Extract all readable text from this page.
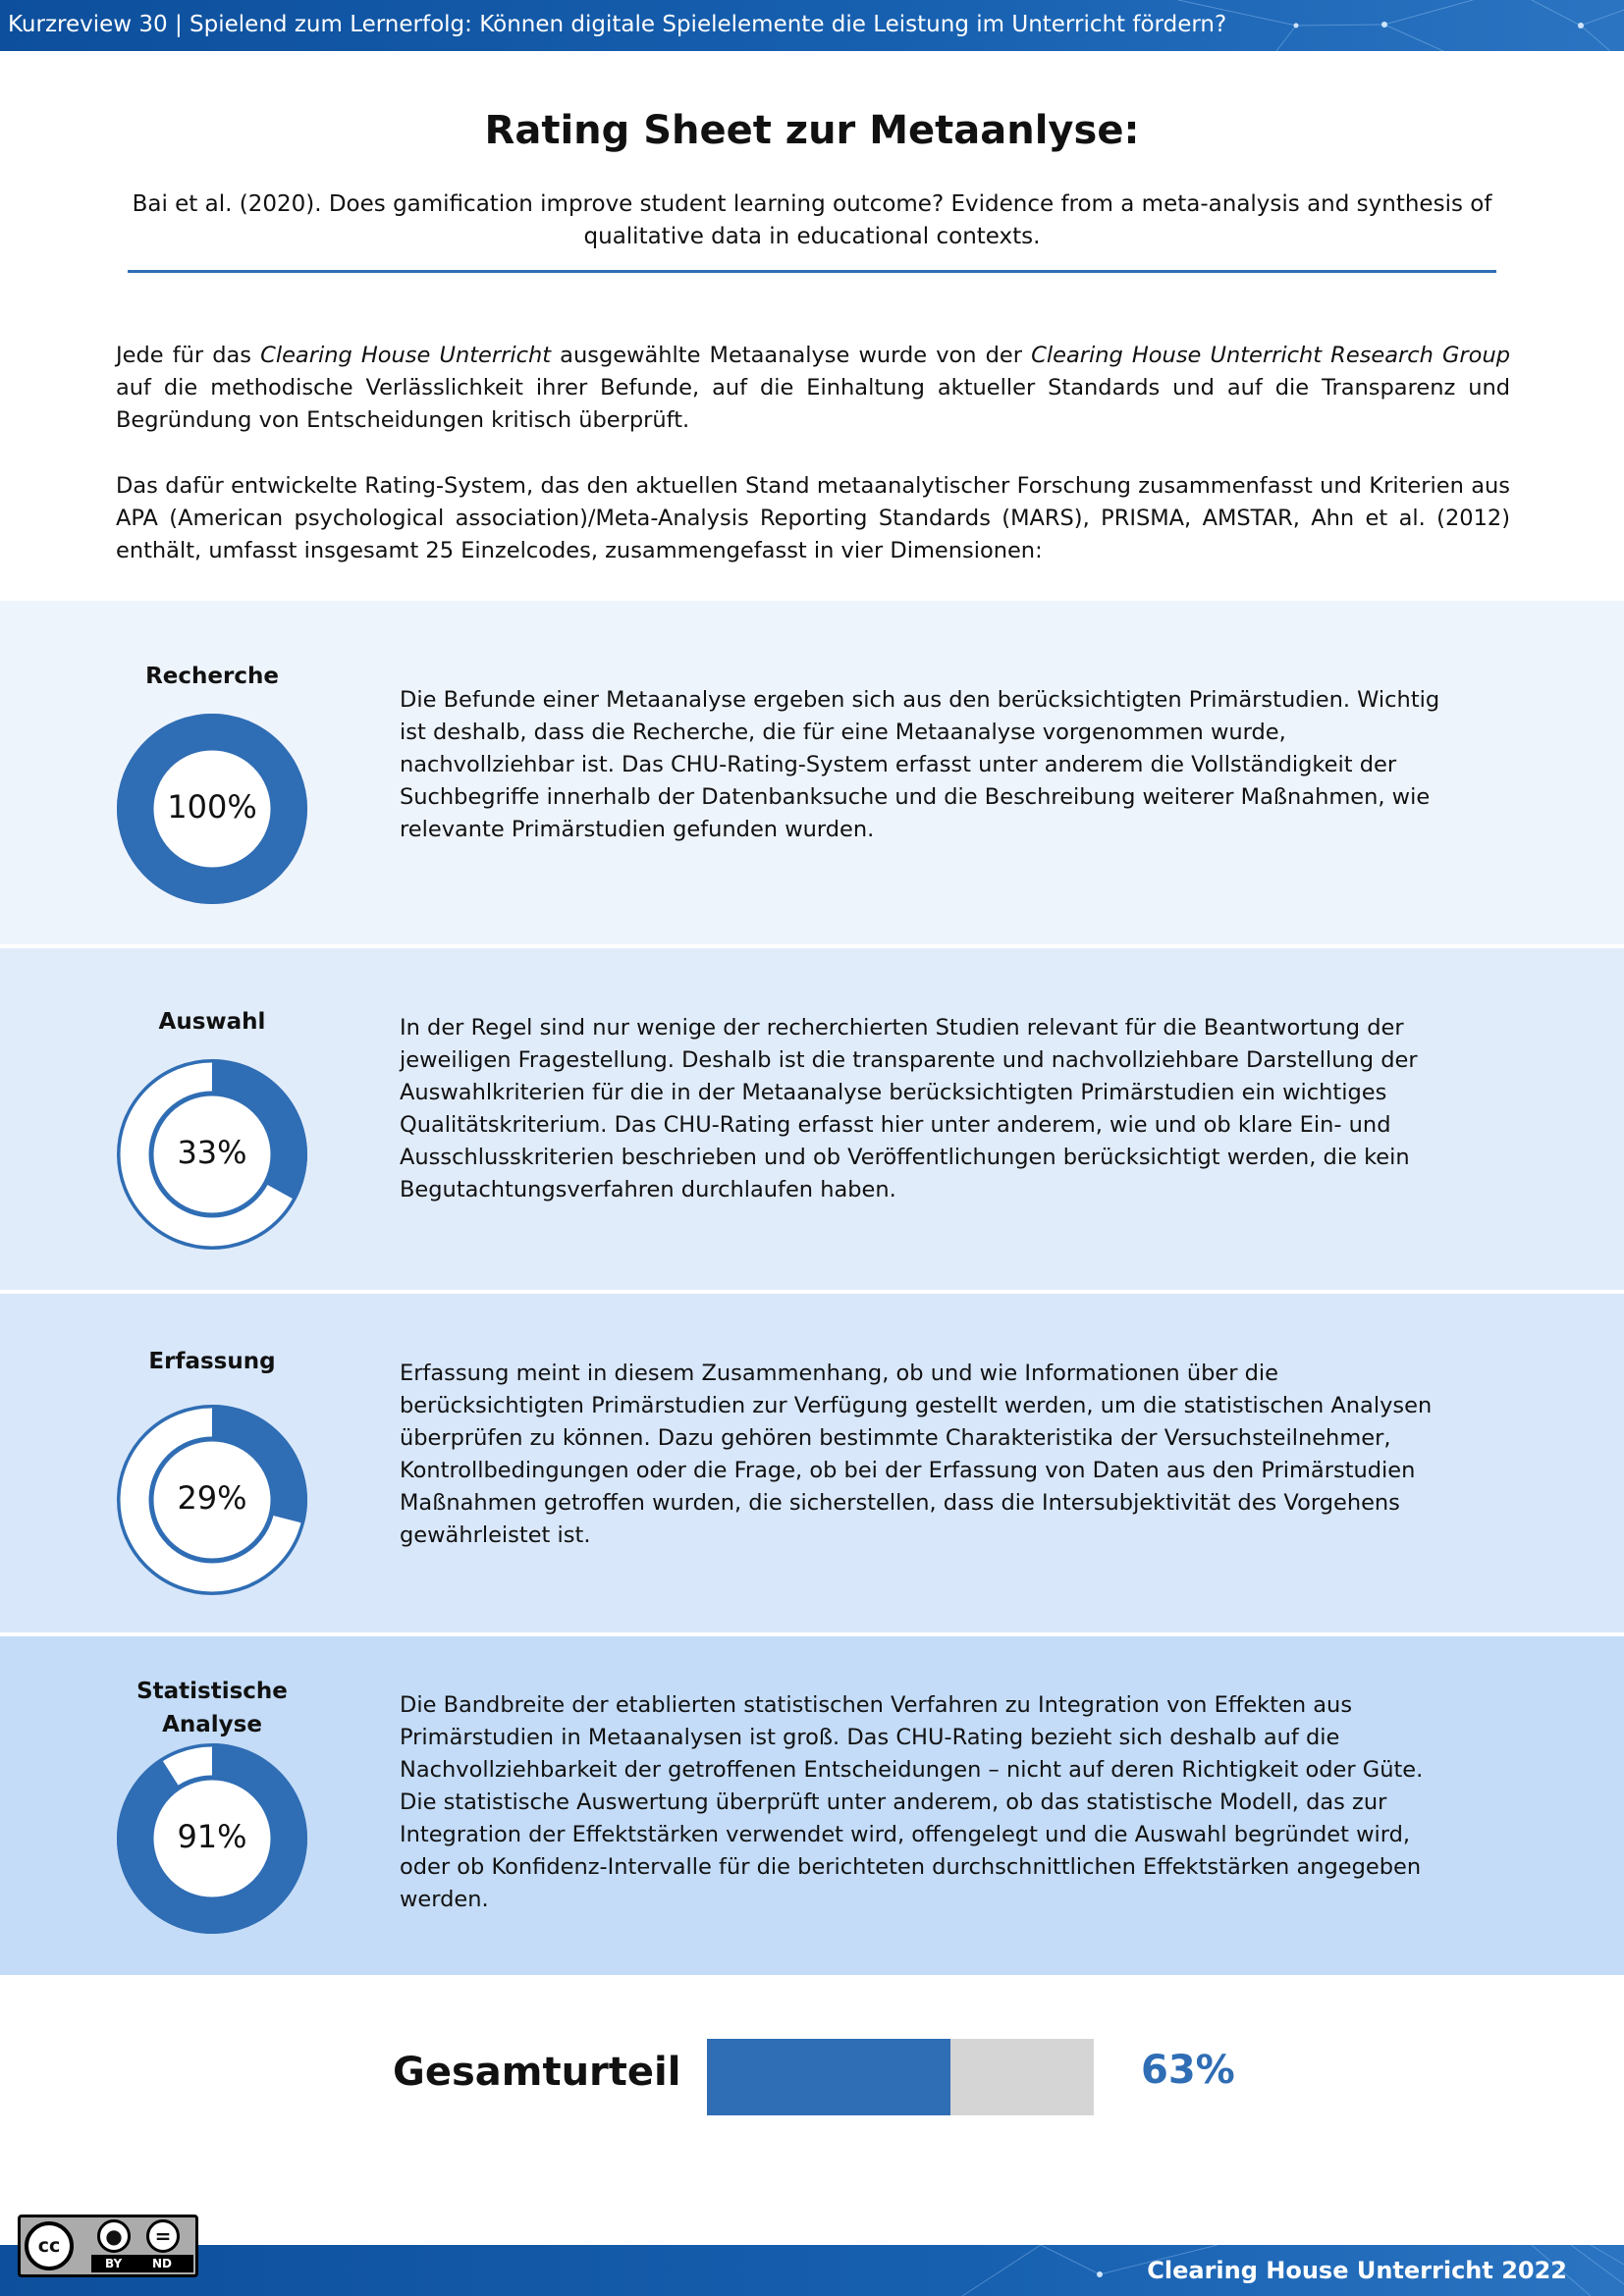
Kurzreview 30 | Spielend zum Lernerfolg: Können digitale Spielelemente die Leistung im Unterricht fördern?
Rating Sheet zur Metaanlyse:
Bai et al. (2020). Does gamification improve student learning outcome? Evidence from a meta-analysis and synthesis of qualitative data in educational contexts.
Jede für das Clearing House Unterricht ausgewählte Metaanalyse wurde von der Clearing House Unterricht Research Group auf die methodische Verlässlichkeit ihrer Befunde, auf die Einhaltung aktueller Standards und auf die Transparenz und Begründung von Entscheidungen kritisch überprüft.
Das dafür entwickelte Rating-System, das den aktuellen Stand metaanalytischer Forschung zusammenfasst und Kriterien aus APA (American psychological association)/Meta-Analysis Reporting Standards (MARS), PRISMA, AMSTAR, Ahn et al. (2012) enthält, umfasst insgesamt 25 Einzelcodes, zusammengefasst in vier Dimensionen:
Recherche
100%
Die Befunde einer Metaanalyse ergeben sich aus den berücksichtigten Primärstudien. Wichtig ist deshalb, dass die Recherche, die für eine Metaanalyse vorgenommen wurde, nachvollziehbar ist. Das CHU-Rating-System erfasst unter anderem die Vollständigkeit der Suchbegriffe innerhalb der Datenbanksuche und die Beschreibung weiterer Maßnahmen, wie relevante Primärstudien gefunden wurden.
Auswahl
33%
In der Regel sind nur wenige der recherchierten Studien relevant für die Beantwortung der jeweiligen Fragestellung. Deshalb ist die transparente und nachvollziehbare Darstellung der Auswahlkriterien für die in der Metaanalyse berücksichtigten Primärstudien ein wichtiges Qualitätskriterium. Das CHU-Rating erfasst hier unter anderem, wie und ob klare Ein- und Ausschlusskriterien beschrieben und ob Veröffentlichungen berücksichtigt werden, die kein Begutachtungsverfahren durchlaufen haben.
Erfassung
29%
Erfassung meint in diesem Zusammenhang, ob und wie Informationen über die berücksichtigten Primärstudien zur Verfügung gestellt werden, um die statistischen Analysen überprüfen zu können. Dazu gehören bestimmte Charakteristika der Versuchsteilnehmer, Kontrollbedingungen oder die Frage, ob bei der Erfassung von Daten aus den Primärstudien Maßnahmen getroffen wurden, die sicherstellen, dass die Intersubjektivität des Vorgehens gewährleistet ist.
Statistische Analyse
91%
Die Bandbreite der etablierten statistischen Verfahren zu Integration von Effekten aus Primärstudien in Metaanalysen ist groß. Das CHU-Rating bezieht sich deshalb auf die Nachvollziehbarkeit der getroffenen Entscheidungen – nicht auf deren Richtigkeit oder Güte. Die statistische Auswertung überprüft unter anderem, ob das statistische Modell, das zur Integration der Effektstärken verwendet wird, offengelegt und die Auswahl begründet wird, oder ob Konfidenz-Intervalle für die berichteten durchschnittlichen Effektstärken angegeben werden.
Gesamturteil	63%
Clearing House Unterricht 2022
cc	●	=
BY	ND
